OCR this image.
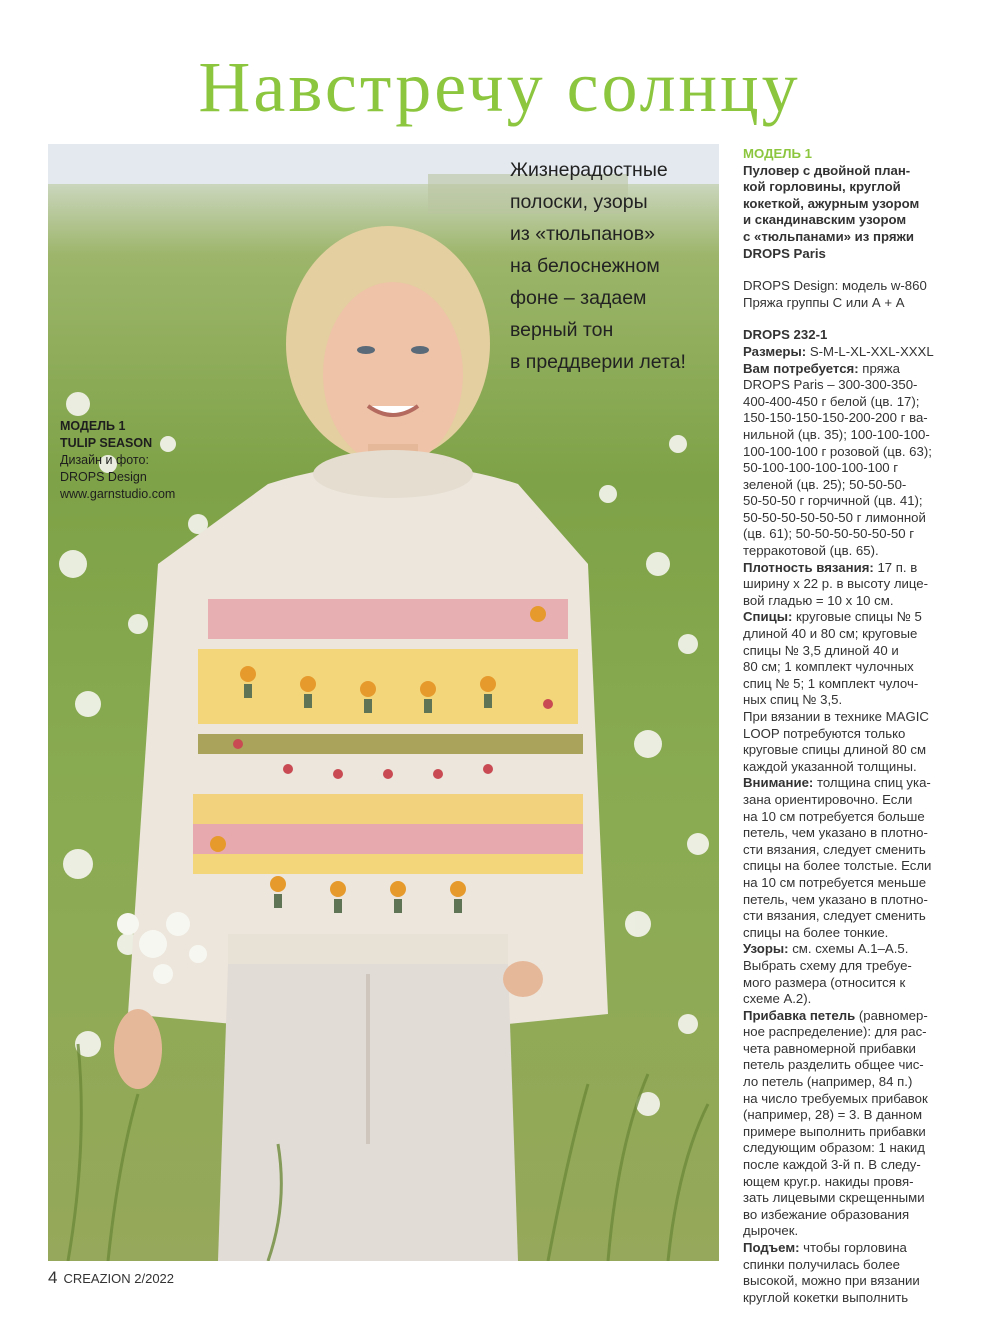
Навстречу солнцу
Жизнерадостные
полоски, узоры
из «тюльпанов»
на белоснежном
фоне – задаем
верный тон
в преддверии лета!
МОДЕЛЬ 1
TULIP SEASON
Дизайн и фото:
DROPS Design
www.garnstudio.com
МОДЕЛЬ 1
Пуловер с двойной план-
кой горловины, круглой
кокеткой, ажурным узором
и скандинавским узором
с «тюльпанами» из пряжи
DROPS Paris
DROPS Design: модель w-860
Пряжа группы С или А + А
DROPS 232-1
Размеры: S-M-L-XL-XXL-XXXL
Вам потребуется: пряжа
DROPS Paris – 300-300-350-
400-400-450 г белой (цв. 17);
150-150-150-150-200-200 г ва-
нильной (цв. 35); 100-100-100-
100-100-100 г розовой (цв. 63);
50-100-100-100-100-100 г
зеленой (цв. 25); 50-50-50-
50-50-50 г горчичной (цв. 41);
50-50-50-50-50-50 г лимонной
(цв. 61); 50-50-50-50-50-50 г
терракотовой (цв. 65).
Плотность вязания: 17 п. в
ширину х 22 р. в высоту лице-
вой гладью = 10 х 10 см.
Спицы: круговые спицы № 5
длиной 40 и 80 см; круговые
спицы № 3,5 длиной 40 и
80 см; 1 комплект чулочных
спиц № 5; 1 комплект чулоч-
ных спиц № 3,5.
При вязании в технике MAGIC
LOOP потребуются только
круговые спицы длиной 80 см
каждой указанной толщины.
Внимание: толщина спиц ука-
зана ориентировочно. Если
на 10 см потребуется больше
петель, чем указано в плотно-
сти вязания, следует сменить
спицы на более толстые. Если
на 10 см потребуется меньше
петель, чем указано в плотно-
сти вязания, следует сменить
спицы на более тонкие.
Узоры: см. схемы А.1–А.5.
Выбрать схему для требуе-
мого размера (относится к
схеме А.2).
Прибавка петель (равномер-
ное распределение): для рас-
чета равномерной прибавки
петель разделить общее чис-
ло петель (например, 84 п.)
на число требуемых прибавок
(например, 28) = 3. В данном
примере выполнить прибавки
следующим образом: 1 накид
после каждой 3-й п. В следу-
ющем круг.р. накиды провя-
зать лицевыми скрещенными
во избежание образования
дырочек.
Подъем: чтобы горловина
спинки получилась более
высокой, можно при вязании
круглой кокетки выполнить
4 CREAZION 2/2022
